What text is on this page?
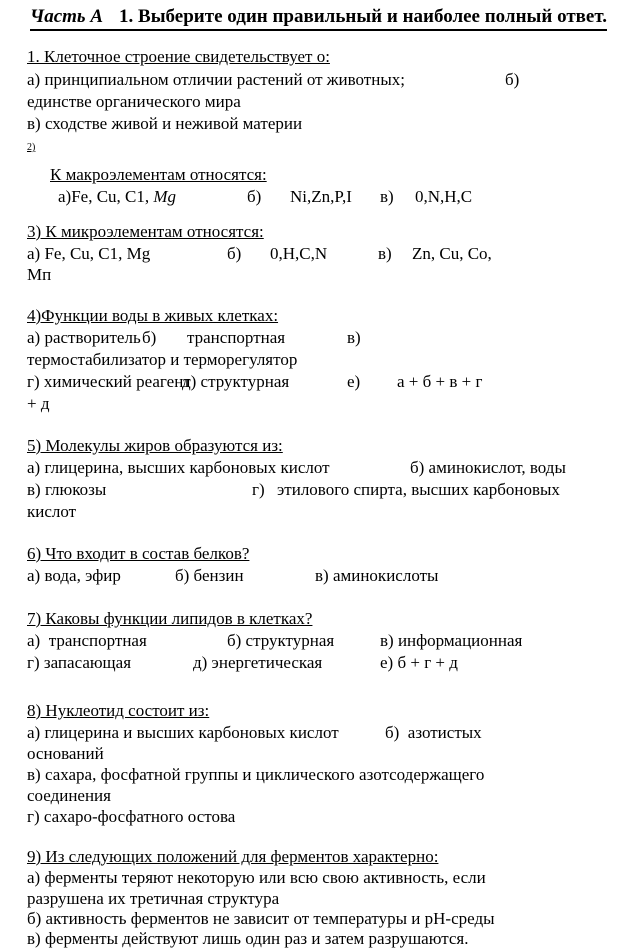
Часть А 1. Выберите один правильный и наиболее полный ответ.
1. Клеточное строение свидетельствует о:
а) принципиальном отличии растений от животных;	б)
единстве органического мира
в) сходстве живой и неживой материи
2)
К макроэлементам относятся:
а)Fe, Cu, C1, Mg	б) Ni,Zn,P,I в) 0,N,H,C
3) К микроэлементам относятся:
а) Fe, Cu, C1, Mg	б) 0,H,C,N	в) Zn, Cu, Co,
Мп
4)Функции воды в живых клетках:
а) растворитель б) транспортная	в)
термостабилизатор и терморегулятор
г) химический реагент
д) структурная	е) а + б + в + г
+ д
5) Молекулы жиров образуются из:
а) глицерина, высших карбоновых кислот	б) аминокислот, воды
в) глюкозы	г) этилового спирта, высших карбоновых
кислот
6) Что входит в состав белков?
а) вода, эфир	б) бензин	в) аминокислоты
7) Каковы функции липидов в клетках?
а)  транспортная	б) структурная	в) информационная
г) запасающая	д) энергетическая	е) б + г + д
8) Нуклеотид состоит из:
а) глицерина и высших карбоновых кислот	б)  азотистых
оснований
в) сахара, фосфатной группы и циклического азотсодержащего
соединения
г) сахаро-фосфатного остова
9) Из следующих положений для ферментов характерно:
а) ферменты теряют некоторую или всю свою активность, если
разрушена их третичная структура
б) активность ферментов не зависит от температуры и рН-среды
в) ферменты действуют лишь один раз и затем разрушаются.
